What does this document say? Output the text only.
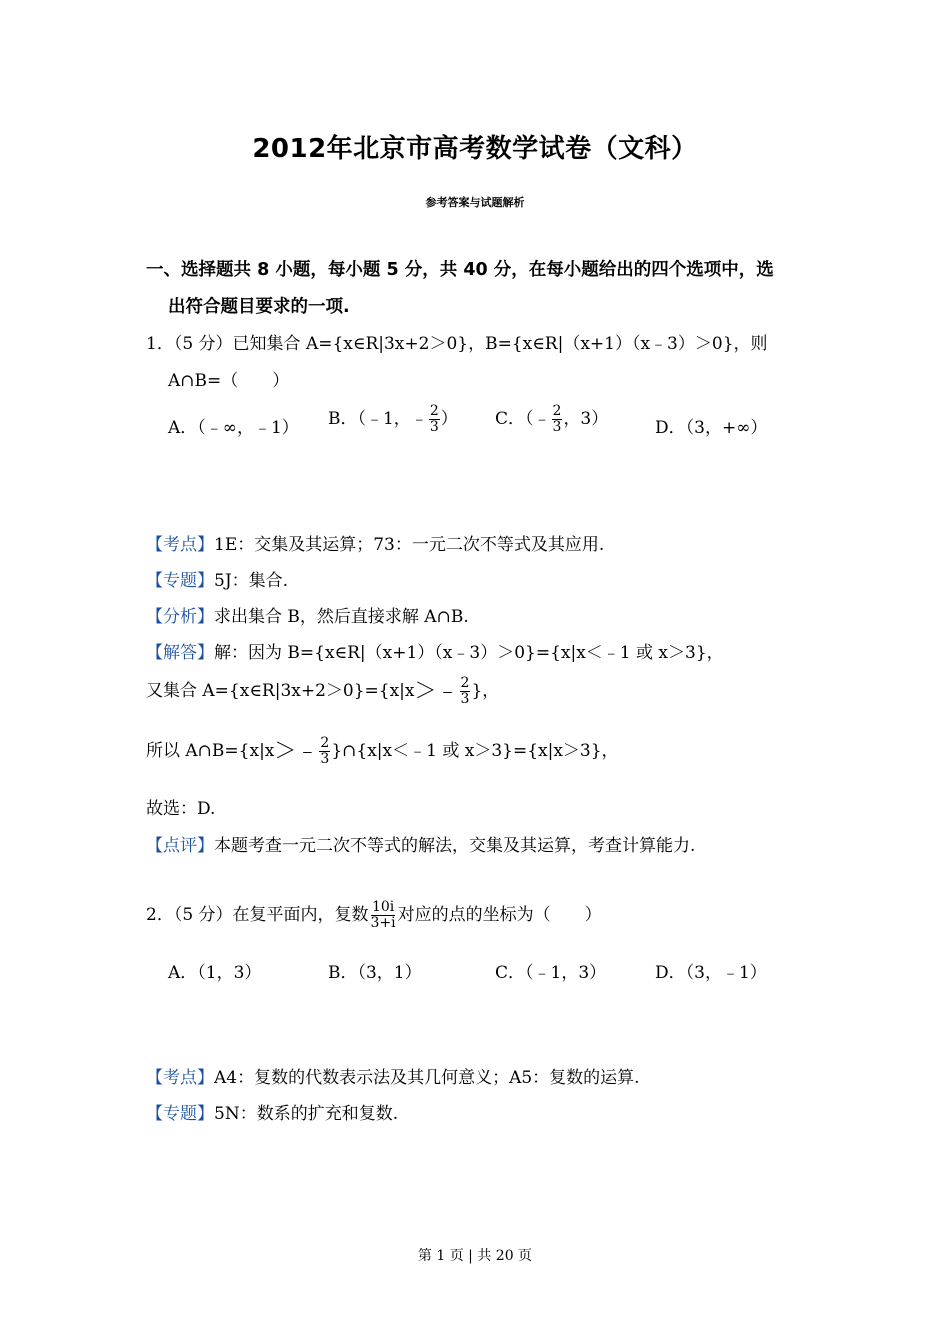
2012年北京市高考数学试卷（文科）
参考答案与试题解析
一、选择题共 8 小题，每小题 5 分，共 40 分，在每小题给出的四个选项中，选
出符合题目要求的一项.
1．（5 分）已知集合 A={x∈R|3x+2＞0}，B={x∈R|（x+1）（x﹣3）＞0}，则
A∩B=（　　）
A．（﹣∞，﹣1） B．（﹣1，﹣ $\frac{2}{3}$ ） C．（﹣ $\frac{2}{3}$ ，3）	D．（3，+∞）
【考点】1E：交集及其运算；73：一元二次不等式及其应用.
【专题】5J：集合.
【分析】求出集合 B，然后直接求解 A∩B.
【解答】解：因为 B={x∈R|（x+1）（x﹣3）＞0}={x|x＜﹣1 或 x＞3}，
又集合 A={x∈R|3x+2＞0}={x|x＞﹣ $\frac{2}{3}$ }，
所以 A∩B={x|x＞﹣ $\frac{2}{3}$ }∩{x|x＜﹣1 或 x＞3}={x|x＞3}，
故选：D.
【点评】本题考查一元二次不等式的解法，交集及其运算，考查计算能力.
2．（5 分）在复平面内，复数 $\frac{10i}{3+i}$ 对应的点的坐标为（　　）
A．（1，3）	B．（3，1）	C．（﹣1，3）	D．（3，﹣1）
【考点】A4：复数的代数表示法及其几何意义；A5：复数的运算.
【专题】5N：数系的扩充和复数.
第 1 页 | 共 20 页
